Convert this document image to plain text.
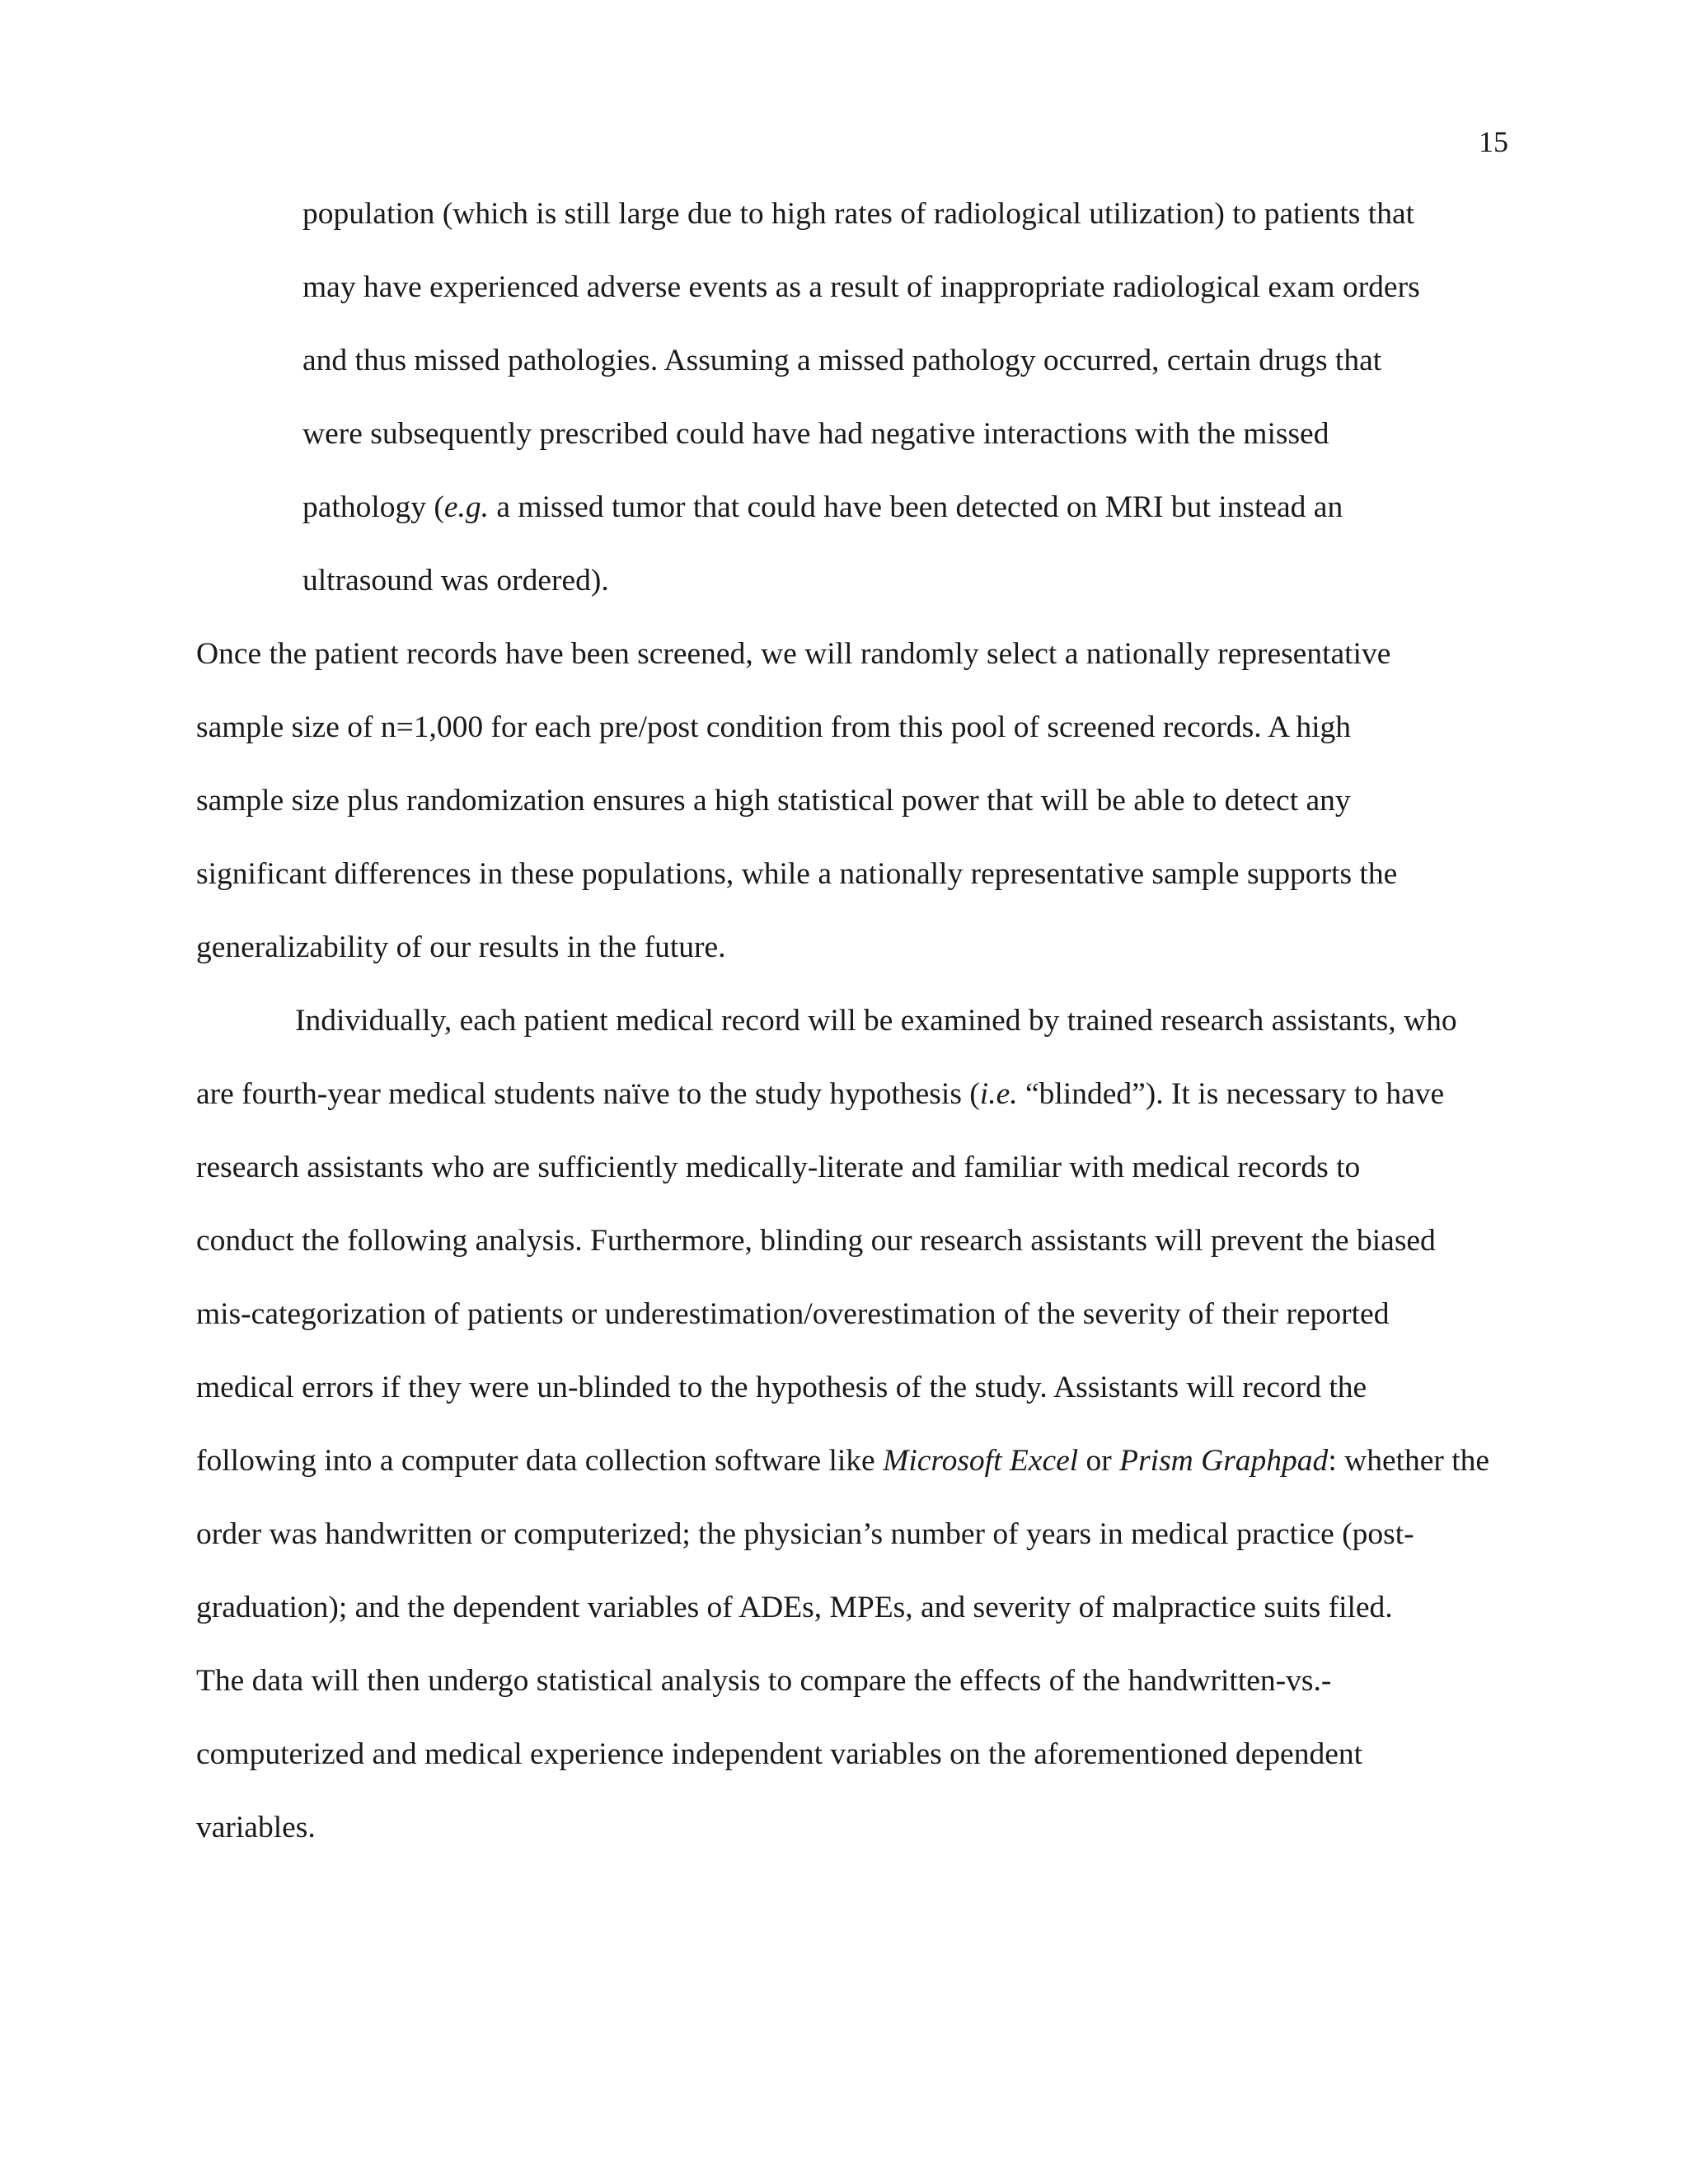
15
population (which is still large due to high rates of radiological utilization) to patients that
may have experienced adverse events as a result of inappropriate radiological exam orders
and thus missed pathologies. Assuming a missed pathology occurred, certain drugs that
were subsequently prescribed could have had negative interactions with the missed
pathology (e.g. a missed tumor that could have been detected on MRI but instead an
ultrasound was ordered).
Once the patient records have been screened, we will randomly select a nationally representative
sample size of n=1,000 for each pre/post condition from this pool of screened records. A high
sample size plus randomization ensures a high statistical power that will be able to detect any
significant differences in these populations, while a nationally representative sample supports the
generalizability of our results in the future.
Individually, each patient medical record will be examined by trained research assistants, who
are fourth-year medical students naïve to the study hypothesis (i.e. “blinded”). It is necessary to have
research assistants who are sufficiently medically-literate and familiar with medical records to
conduct the following analysis. Furthermore, blinding our research assistants will prevent the biased
mis-categorization of patients or underestimation/overestimation of the severity of their reported
medical errors if they were un-blinded to the hypothesis of the study. Assistants will record the
following into a computer data collection software like Microsoft Excel or Prism Graphpad: whether the
order was handwritten or computerized; the physician’s number of years in medical practice (post-
graduation); and the dependent variables of ADEs, MPEs, and severity of malpractice suits filed.
The data will then undergo statistical analysis to compare the effects of the handwritten-vs.-
computerized and medical experience independent variables on the aforementioned dependent
variables.
